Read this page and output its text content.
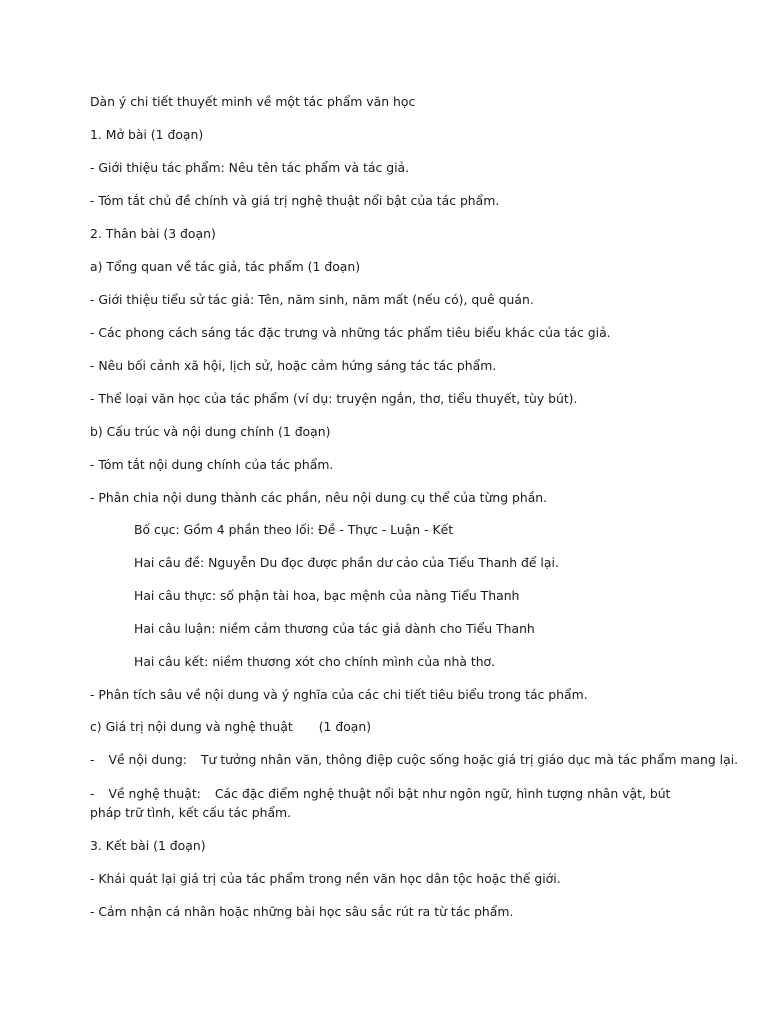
Dàn ý chi tiết thuyết minh về một tác phẩm văn học
1. Mở bài (1 đoạn)
- Giới thiệu tác phẩm: Nêu tên tác phẩm và tác giả.
- Tóm tắt chủ đề chính và giá trị nghệ thuật nổi bật của tác phẩm.
2. Thân bài (3 đoạn)
a) Tổng quan về tác giả, tác phẩm (1 đoạn)
- Giới thiệu tiểu sử tác giả: Tên, năm sinh, năm mất (nếu có), quê quán.
- Các phong cách sáng tác đặc trưng và những tác phẩm tiêu biểu khác của tác giả.
- Nêu bối cảnh xã hội, lịch sử, hoặc cảm hứng sáng tác tác phẩm.
- Thể loại văn học của tác phẩm (ví dụ: truyện ngắn, thơ, tiểu thuyết, tùy bút).
b) Cấu trúc và nội dung chính (1 đoạn)
- Tóm tắt nội dung chính của tác phẩm.
- Phân chia nội dung thành các phần, nêu nội dung cụ thể của từng phần.
Bố cục: Gồm 4 phần theo lối: Đề - Thực - Luận - Kết
Hai câu đề: Nguyễn Du đọc được phần dư cảo của Tiểu Thanh để lại.
Hai câu thực: số phận tài hoa, bạc mệnh của nàng Tiểu Thanh
Hai câu luận: niềm cảm thương của tác giả dành cho Tiểu Thanh
Hai câu kết: niềm thương xót cho chính mình của nhà thơ.
- Phân tích sâu về nội dung và ý nghĩa của các chi tiết tiêu biểu trong tác phẩm.
c) Giá trị nội dung và nghệ thuật (1 đoạn)
- Về nội dung: Tư tưởng nhân văn, thông điệp cuộc sống hoặc giá trị giáo dục mà tác phẩm mang lại.
- Về nghệ thuật: Các đặc điểm nghệ thuật nổi bật như ngôn ngữ, hình tượng nhân vật, bút pháp trữ tình, kết cấu tác phẩm.
3. Kết bài (1 đoạn)
- Khái quát lại giá trị của tác phẩm trong nền văn học dân tộc hoặc thế giới.
- Cảm nhận cá nhân hoặc những bài học sâu sắc rút ra từ tác phẩm.
